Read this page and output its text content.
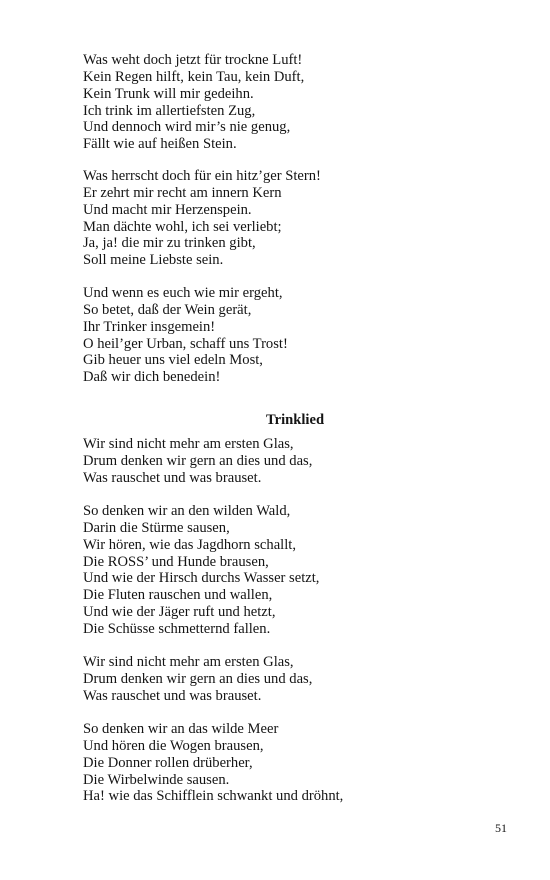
Was weht doch jetzt für trockne Luft!
Kein Regen hilft, kein Tau, kein Duft,
Kein Trunk will mir gedeihn.
Ich trink im allertiefsten Zug,
Und dennoch wird mir’s nie genug,
Fällt wie auf heißen Stein.
Was herrscht doch für ein hitz’ger Stern!
Er zehrt mir recht am innern Kern
Und macht mir Herzenspein.
Man dächte wohl, ich sei verliebt;
Ja, ja! die mir zu trinken gibt,
Soll meine Liebste sein.
Und wenn es euch wie mir ergeht,
So betet, daß der Wein gerät,
Ihr Trinker insgemein!
O heil’ger Urban, schaff uns Trost!
Gib heuer uns viel edeln Most,
Daß wir dich benedein!
Trinklied
Wir sind nicht mehr am ersten Glas,
Drum denken wir gern an dies und das,
Was rauschet und was brauset.
So denken wir an den wilden Wald,
Darin die Stürme sausen,
Wir hören, wie das Jagdhorn schallt,
Die ROSS’ und Hunde brausen,
Und wie der Hirsch durchs Wasser setzt,
Die Fluten rauschen und wallen,
Und wie der Jäger ruft und hetzt,
Die Schüsse schmetternd fallen.
Wir sind nicht mehr am ersten Glas,
Drum denken wir gern an dies und das,
Was rauschet und was brauset.
So denken wir an das wilde Meer
Und hören die Wogen brausen,
Die Donner rollen drüberher,
Die Wirbelwinde sausen.
Ha! wie das Schifflein schwankt und dröhnt,
51
